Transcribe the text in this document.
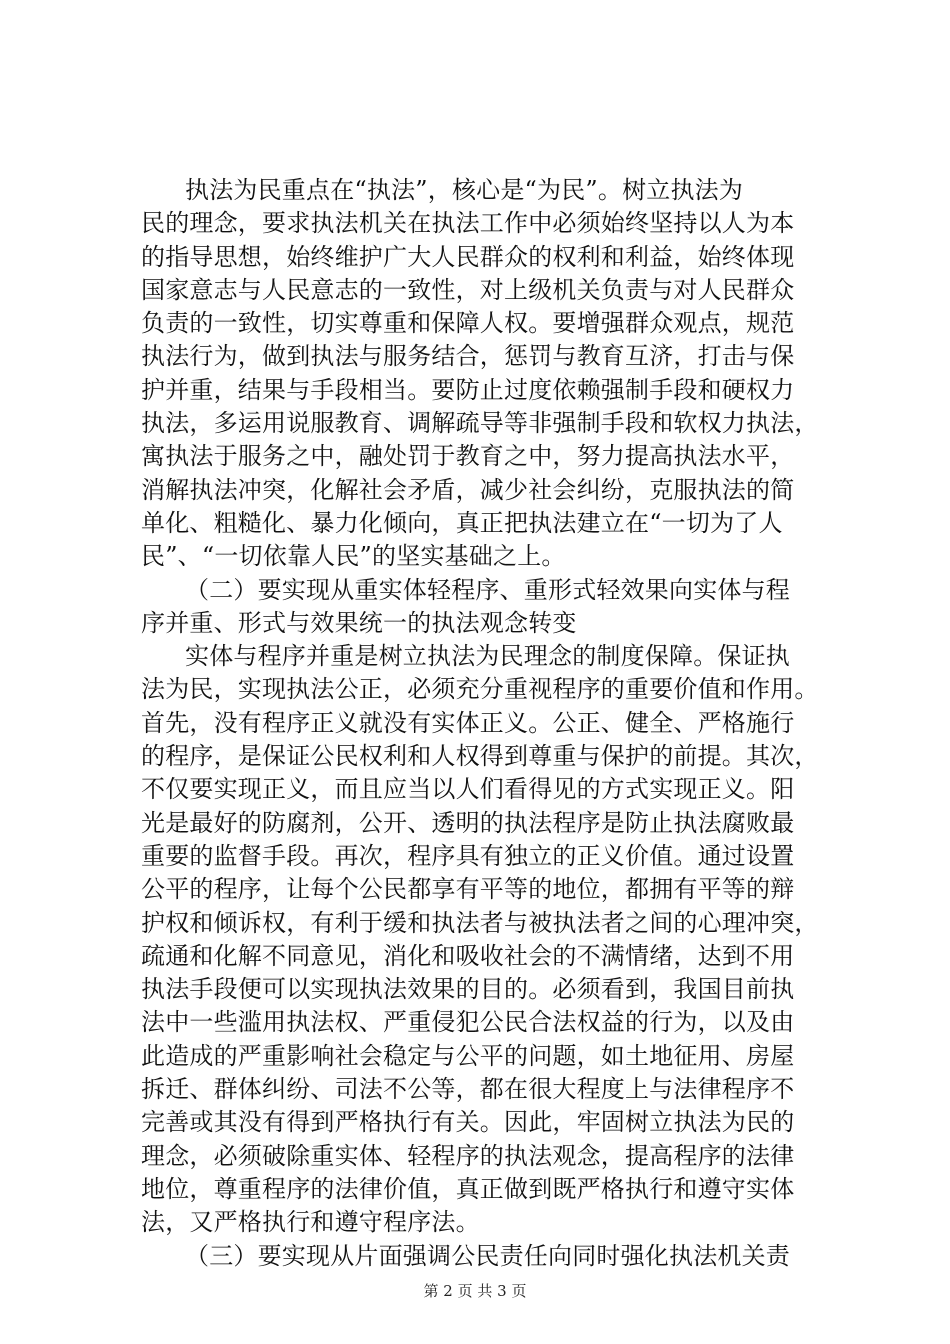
执法为民重点在“执法”，核心是“为民”。树立执法为
民的理念，要求执法机关在执法工作中必须始终坚持以人为本
的指导思想，始终维护广大人民群众的权利和利益，始终体现
国家意志与人民意志的一致性，对上级机关负责与对人民群众
负责的一致性，切实尊重和保障人权。要增强群众观点，规范
执法行为，做到执法与服务结合，惩罚与教育互济，打击与保
护并重，结果与手段相当。要防止过度依赖强制手段和硬权力
执法，多运用说服教育、调解疏导等非强制手段和软权力执法，
寓执法于服务之中，融处罚于教育之中，努力提高执法水平，
消解执法冲突，化解社会矛盾，减少社会纠纷，克服执法的简
单化、粗糙化、暴力化倾向，真正把执法建立在“一切为了人
民”、“一切依靠人民”的坚实基础之上。
（二）要实现从重实体轻程序、重形式轻效果向实体与程
序并重、形式与效果统一的执法观念转变
实体与程序并重是树立执法为民理念的制度保障。保证执
法为民，实现执法公正，必须充分重视程序的重要价值和作用。
首先，没有程序正义就没有实体正义。公正、健全、严格施行
的程序，是保证公民权利和人权得到尊重与保护的前提。其次，
不仅要实现正义，而且应当以人们看得见的方式实现正义。阳
光是最好的防腐剂，公开、透明的执法程序是防止执法腐败最
重要的监督手段。再次，程序具有独立的正义价值。通过设置
公平的程序，让每个公民都享有平等的地位，都拥有平等的辩
护权和倾诉权，有利于缓和执法者与被执法者之间的心理冲突，
疏通和化解不同意见，消化和吸收社会的不满情绪，达到不用
执法手段便可以实现执法效果的目的。必须看到，我国目前执
法中一些滥用执法权、严重侵犯公民合法权益的行为，以及由
此造成的严重影响社会稳定与公平的问题，如土地征用、房屋
拆迁、群体纠纷、司法不公等，都在很大程度上与法律程序不
完善或其没有得到严格执行有关。因此，牢固树立执法为民的
理念，必须破除重实体、轻程序的执法观念，提高程序的法律
地位，尊重程序的法律价值，真正做到既严格执行和遵守实体
法，又严格执行和遵守程序法。
（三）要实现从片面强调公民责任向同时强化执法机关责
第 2 页 共 3 页
